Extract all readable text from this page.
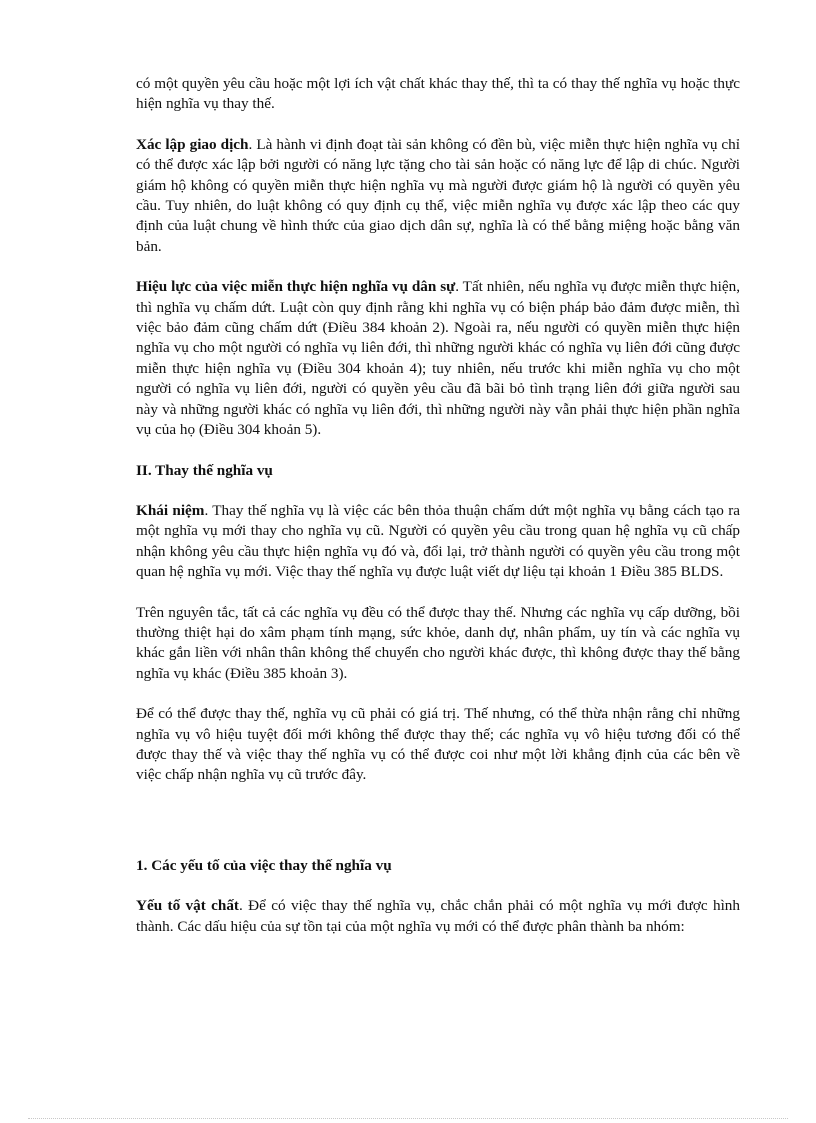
có một quyền yêu cầu hoặc một lợi ích vật chất khác thay thế, thì ta có thay thế nghĩa vụ hoặc thực hiện nghĩa vụ thay thế.

Xác lập giao dịch. Là hành vi định đoạt tài sản không có đền bù, việc miễn thực hiện nghĩa vụ chỉ có thể được xác lập bởi người có năng lực tặng cho tài sản hoặc có năng lực để lập di chúc. Người giám hộ không có quyền miễn thực hiện nghĩa vụ mà người được giám hộ là người có quyền yêu cầu. Tuy nhiên, do luật không có quy định cụ thể, việc miễn nghĩa vụ được xác lập theo các quy định của luật chung về hình thức của giao dịch dân sự, nghĩa là có thể bằng miệng hoặc bằng văn bản.

Hiệu lực của việc miễn thực hiện nghĩa vụ dân sự. Tất nhiên, nếu nghĩa vụ được miễn thực hiện, thì nghĩa vụ chấm dứt. Luật còn quy định rằng khi nghĩa vụ có biện pháp bảo đảm được miễn, thì việc bảo đảm cũng chấm dứt (Điều 384 khoản 2). Ngoài ra, nếu người có quyền miễn thực hiện nghĩa vụ cho một người có nghĩa vụ liên đới, thì những người khác có nghĩa vụ liên đới cũng được miễn thực hiện nghĩa vụ (Điều 304 khoản 4); tuy nhiên, nếu trước khi miễn nghĩa vụ cho một người có nghĩa vụ liên đới, người có quyền yêu cầu đã bãi bỏ tình trạng liên đới giữa người sau này và những người khác có nghĩa vụ liên đới, thì những người này vẫn phải thực hiện phần nghĩa vụ của họ (Điều 304 khoản 5).

II. Thay thế nghĩa vụ

Khái niệm. Thay thế nghĩa vụ là việc các bên thỏa thuận chấm dứt một nghĩa vụ bằng cách tạo ra một nghĩa vụ mới thay cho nghĩa vụ cũ. Người có quyền yêu cầu trong quan hệ nghĩa vụ cũ chấp nhận không yêu cầu thực hiện nghĩa vụ đó và, đổi lại, trở thành người có quyền yêu cầu trong một quan hệ nghĩa vụ mới. Việc thay thế nghĩa vụ được luật viết dự liệu tại khoản 1 Điều 385 BLDS.

Trên nguyên tắc, tất cả các nghĩa vụ đều có thể được thay thế. Nhưng các nghĩa vụ cấp dưỡng, bồi thường thiệt hại do xâm phạm tính mạng, sức khỏe, danh dự, nhân phẩm, uy tín và các nghĩa vụ khác gắn liền với nhân thân không thể chuyển cho người khác được, thì không được thay thế bằng nghĩa vụ khác (Điều 385 khoản 3).

Để có thể được thay thế, nghĩa vụ cũ phải có giá trị. Thế nhưng, có thể thừa nhận rằng chỉ những nghĩa vụ vô hiệu tuyệt đối mới không thể được thay thế; các nghĩa vụ vô hiệu tương đối có thể được thay thế và việc thay thế nghĩa vụ có thể được coi như một lời khẳng định của các bên về việc chấp nhận nghĩa vụ cũ trước đây.

1. Các yếu tố của việc thay thế nghĩa vụ

Yếu tố vật chất. Để có việc thay thế nghĩa vụ, chắc chắn phải có một nghĩa vụ mới được hình thành. Các dấu hiệu của sự tồn tại của một nghĩa vụ mới có thể được phân thành ba nhóm:
